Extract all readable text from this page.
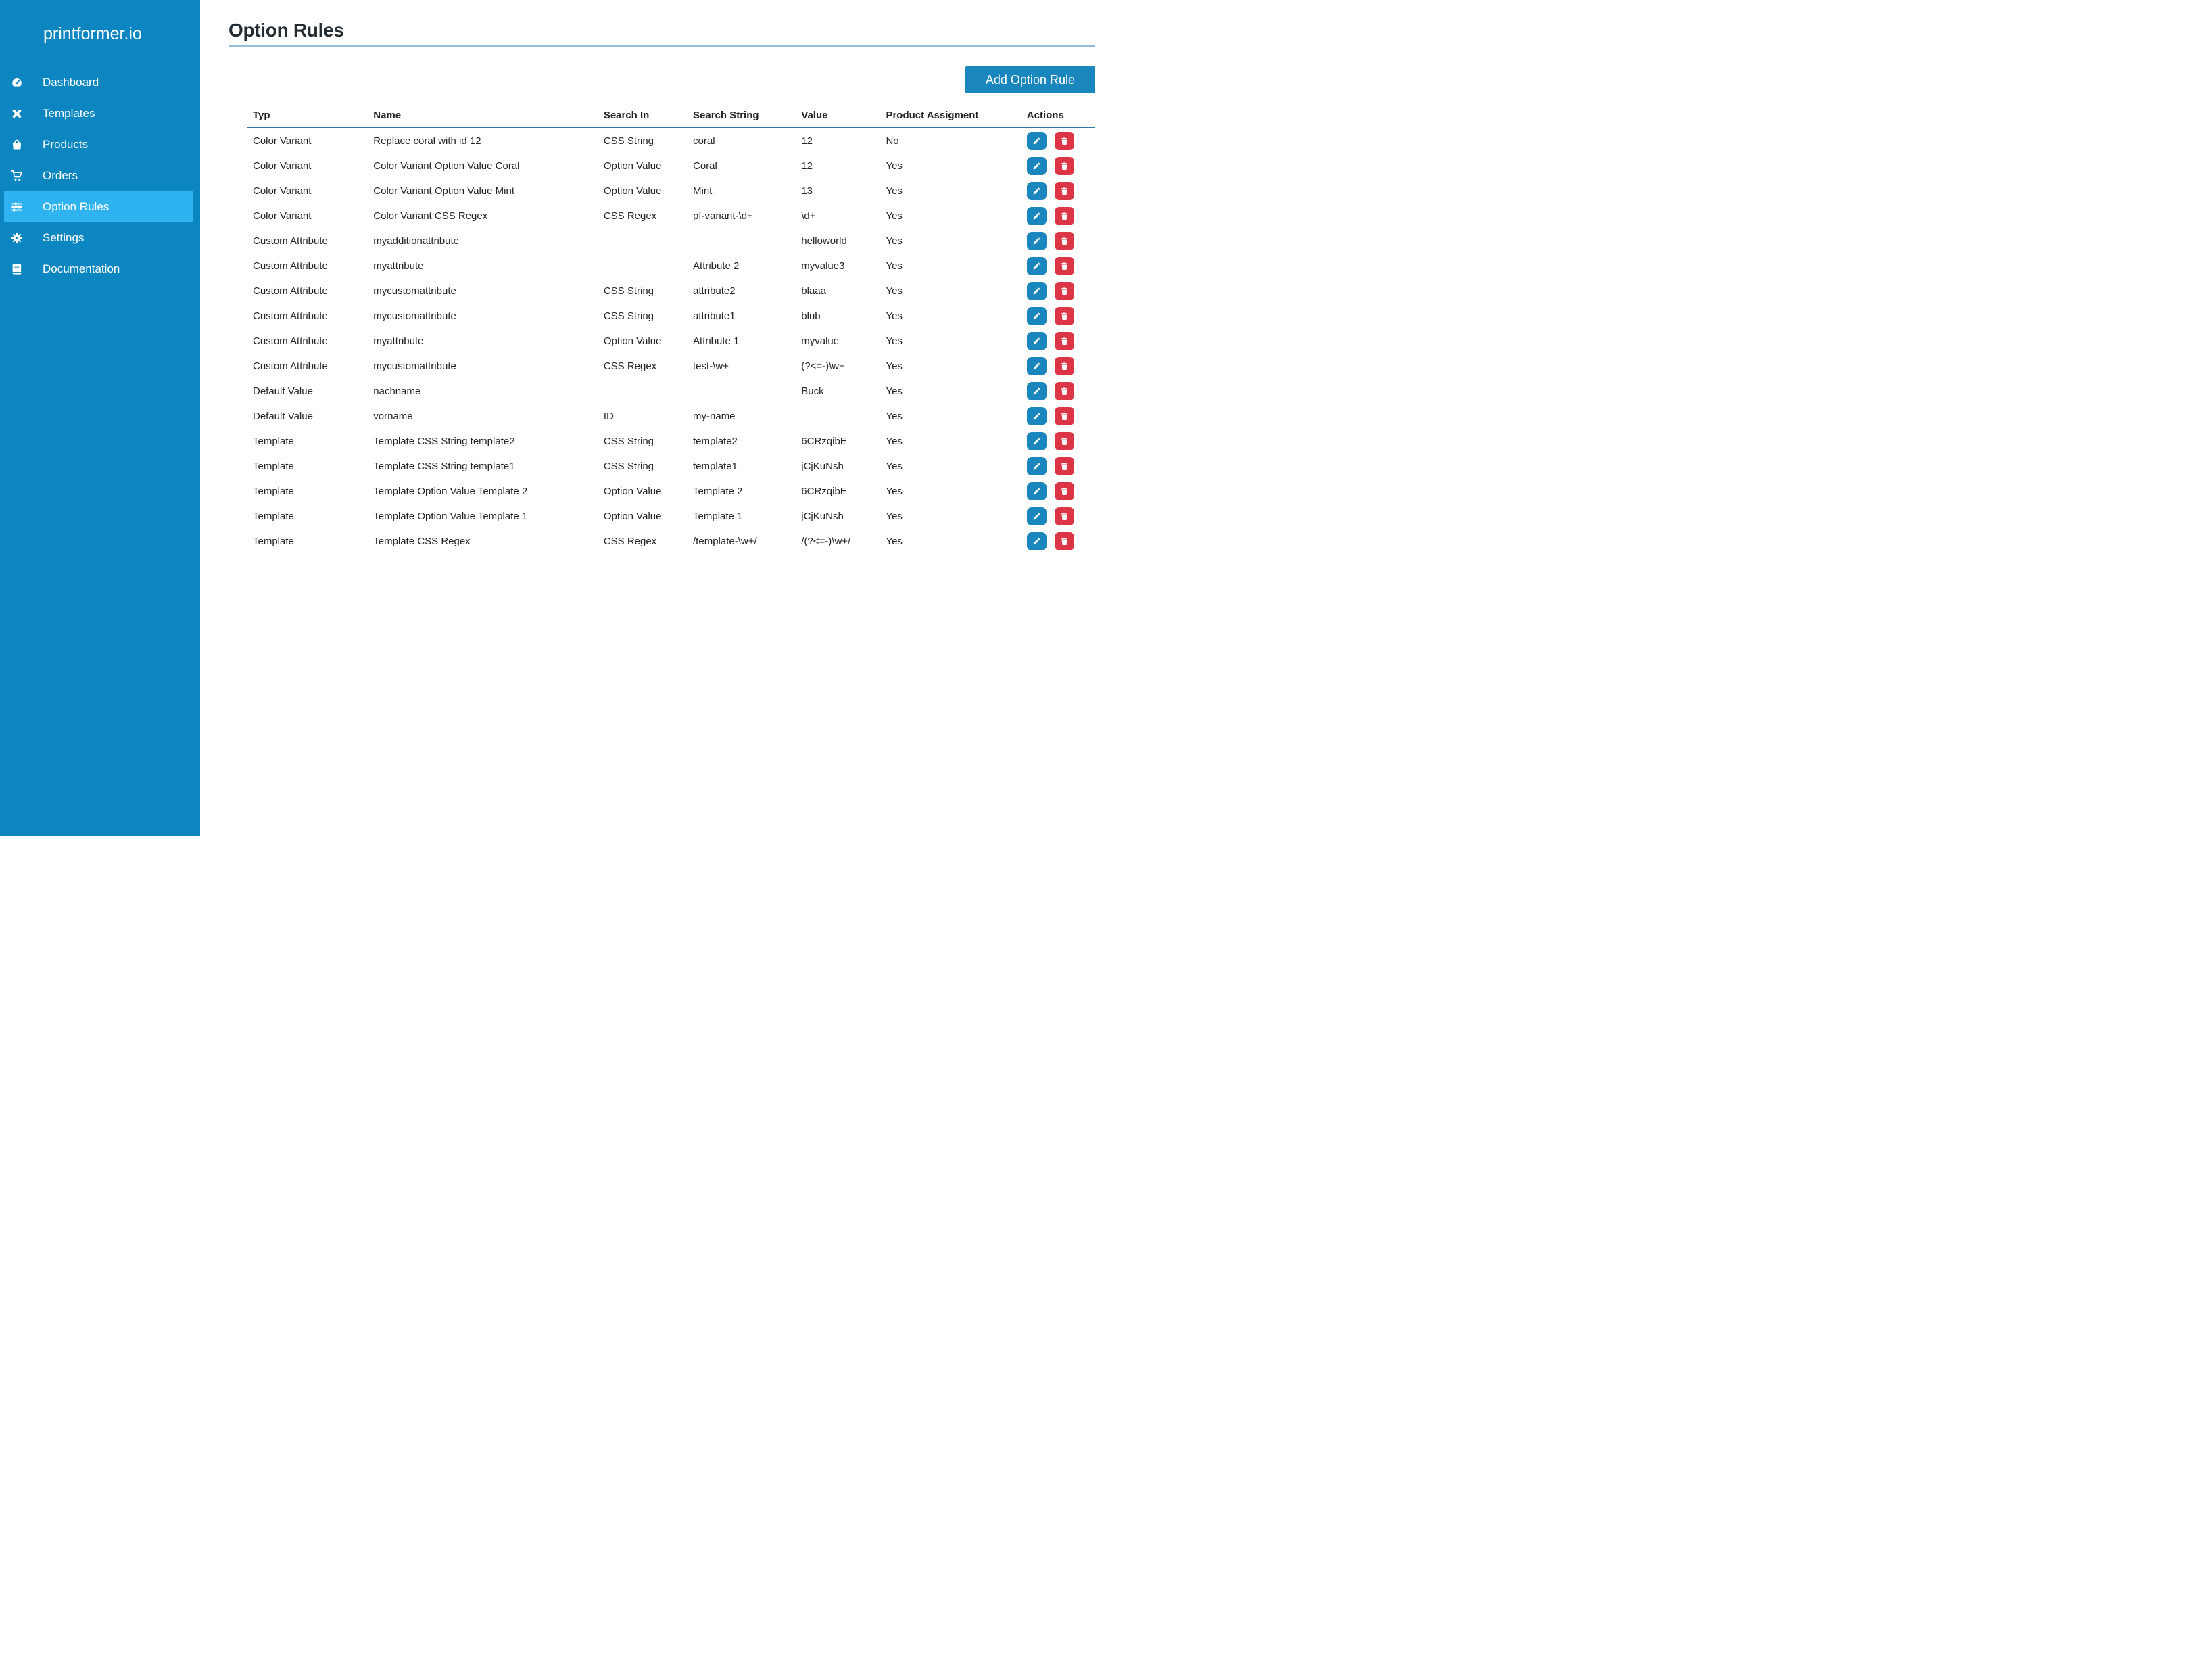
printformer.io
Dashboard
Templates
Products
Orders
Option Rules
Settings
Documentation
Option Rules
Add Option Rule
Typ	Name	Search In	Search String	Value	Product Assigment	Actions
Color Variant	Replace coral with id 12	CSS String	coral	12	No	

Color Variant	Color Variant Option Value Coral	Option Value	Coral	12	Yes	

Color Variant	Color Variant Option Value Mint	Option Value	Mint	13	Yes	

Color Variant	Color Variant CSS Regex	CSS Regex	pf-variant-\d+	\d+	Yes	

Custom Attribute	myadditionattribute			helloworld	Yes	

Custom Attribute	myattribute		Attribute 2	myvalue3	Yes	

Custom Attribute	mycustomattribute	CSS String	attribute2	blaaa	Yes	

Custom Attribute	mycustomattribute	CSS String	attribute1	blub	Yes	

Custom Attribute	myattribute	Option Value	Attribute 1	myvalue	Yes	

Custom Attribute	mycustomattribute	CSS Regex	test-\w+	(?<=-)\w+	Yes	

Default Value	nachname			Buck	Yes	

Default Value	vorname	ID	my-name		Yes	

Template	Template CSS String template2	CSS String	template2	6CRzqibE	Yes	

Template	Template CSS String template1	CSS String	template1	jCjKuNsh	Yes	

Template	Template Option Value Template 2	Option Value	Template 2	6CRzqibE	Yes	

Template	Template Option Value Template 1	Option Value	Template 1	jCjKuNsh	Yes	

Template	Template CSS Regex	CSS Regex	/template-\w+/	/(?<=-)\w+/	Yes	
